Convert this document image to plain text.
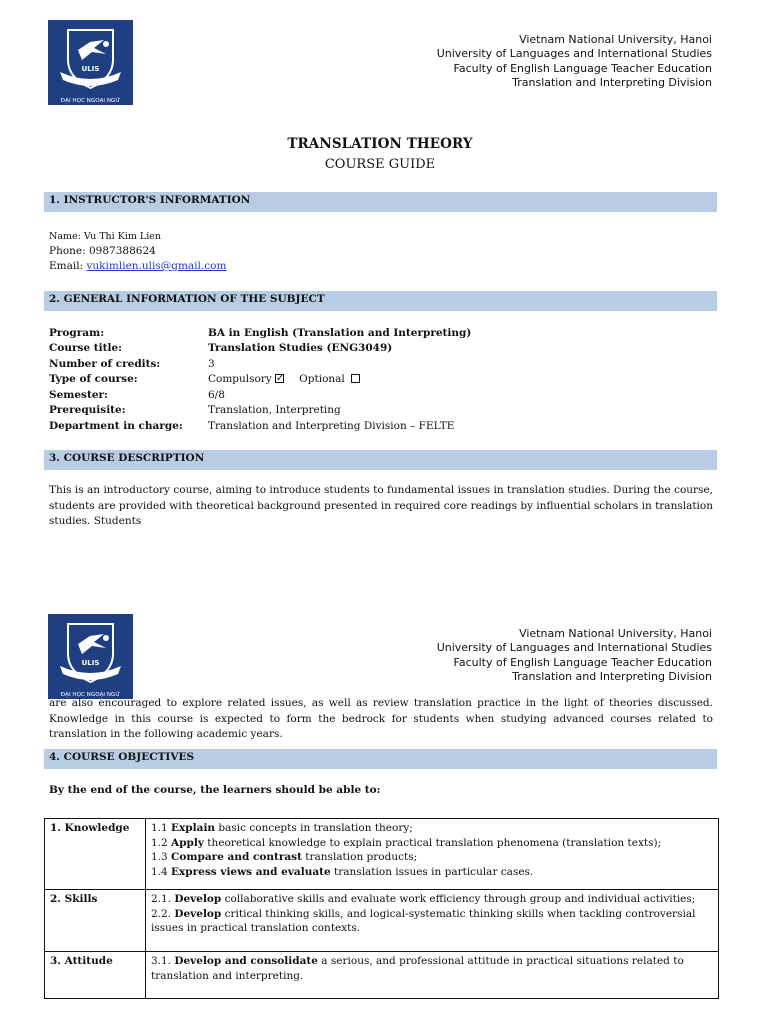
ULIS
ĐẠI HỌC NGOẠI NGỮ
Vietnam National University, Hanoi
University of Languages and International Studies
Faculty of English Language Teacher Education
Translation and Interpreting Division
TRANSLATION THEORY
COURSE GUIDE
1. INSTRUCTOR'S INFORMATION
Name: Vu Thi Kim Lien
Phone: 0987388624
Email: vukimlien.ulis@gmail.com
2. GENERAL INFORMATION OF THE SUBJECT
Program:	BA in English (Translation and Interpreting)
Course title:	Translation Studies (ENG3049)
Number of credits:	3
Type of course:	Compulsory ✓	Optional
Semester:	6/8
Prerequisite:	Translation, Interpreting
Department in charge: Translation and Interpreting Division – FELTE
3. COURSE DESCRIPTION
This is an introductory course, aiming to introduce students to fundamental issues in translation studies. During the course, students are provided with theoretical background presented in required core readings by influential scholars in translation studies. Students
ULIS
ĐẠI HỌC NGOẠI NGỮ
Vietnam National University, Hanoi
University of Languages and International Studies
Faculty of English Language Teacher Education
Translation and Interpreting Division
are also encouraged to explore related issues, as well as review translation practice in the light of theories discussed. Knowledge in this course is expected to form the bedrock for students when studying advanced courses related to translation in the following academic years.
4. COURSE OBJECTIVES
By the end of the course, the learners should be able to:
1. Knowledge	1.1 Explain basic concepts in translation theory;
1.2 Apply theoretical knowledge to explain practical translation phenomena (translation texts);
1.3 Compare and contrast translation products;
1.4 Express views and evaluate translation issues in particular cases.

2. Skills	2.1. Develop collaborative skills and evaluate work efficiency through group and individual activities;
2.2. Develop critical thinking skills, and logical-systematic thinking skills when tackling controversial issues in practical translation contexts.

3. Attitude	3.1. Develop and consolidate a serious, and professional attitude in practical situations related to translation and interpreting.
